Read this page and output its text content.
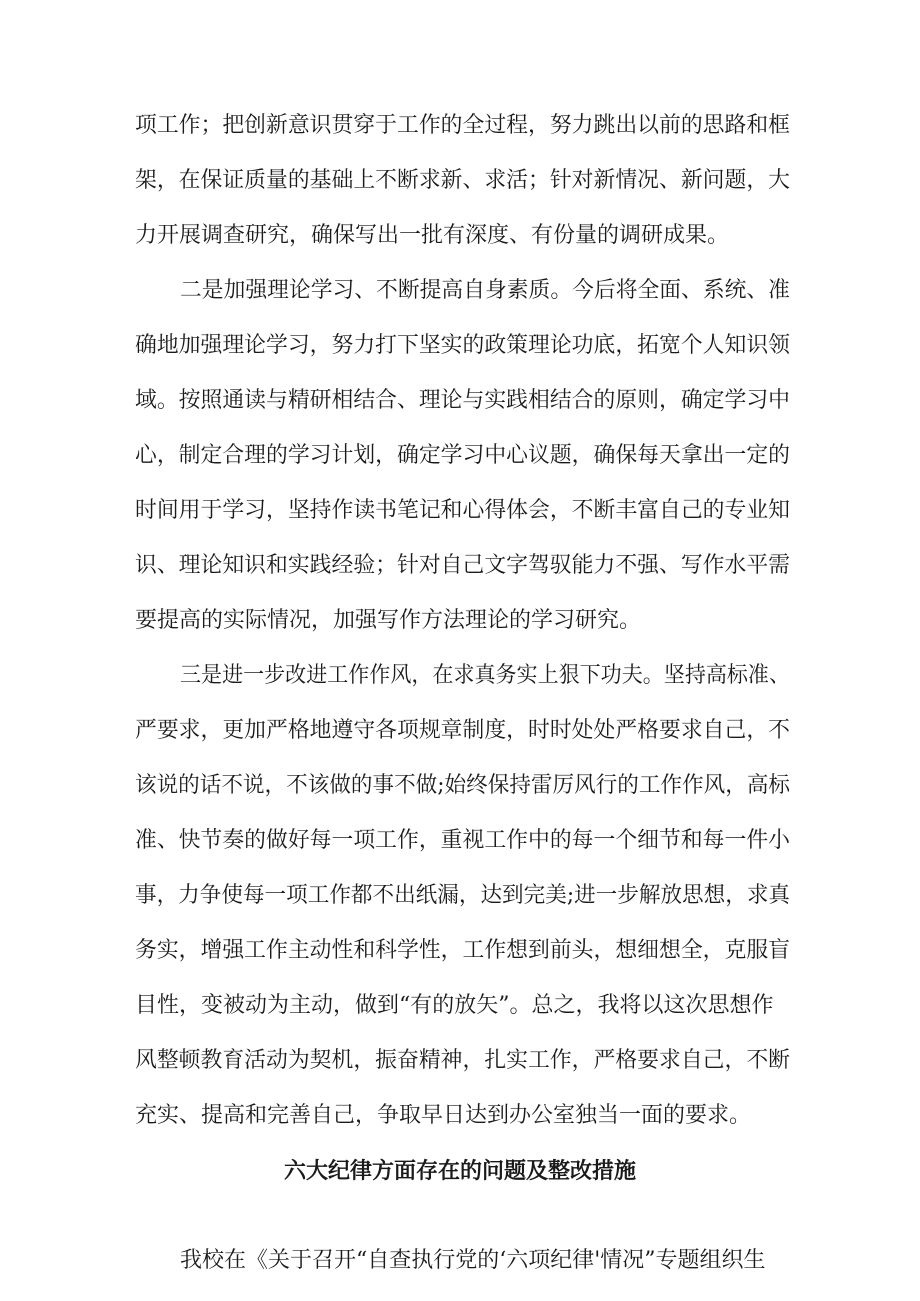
项工作；把创新意识贯穿于工作的全过程，努力跳出以前的思路和框
架，在保证质量的基础上不断求新、求活；针对新情况、新问题，大
力开展调查研究，确保写出一批有深度、有份量的调研成果。
二是加强理论学习、不断提高自身素质。今后将全面、系统、准
确地加强理论学习，努力打下坚实的政策理论功底，拓宽个人知识领
域。按照通读与精研相结合、理论与实践相结合的原则，确定学习中
心，制定合理的学习计划，确定学习中心议题，确保每天拿出一定的
时间用于学习，坚持作读书笔记和心得体会，不断丰富自己的专业知
识、理论知识和实践经验；针对自己文字驾驭能力不强、写作水平需
要提高的实际情况，加强写作方法理论的学习研究。
三是进一步改进工作作风，在求真务实上狠下功夫。坚持高标准、
严要求，更加严格地遵守各项规章制度，时时处处严格要求自己，不
该说的话不说，不该做的事不做;始终保持雷厉风行的工作作风，高标
准、快节奏的做好每一项工作，重视工作中的每一个细节和每一件小
事，力争使每一项工作都不出纸漏，达到完美;进一步解放思想，求真
务实，增强工作主动性和科学性，工作想到前头，想细想全，克服盲
目性，变被动为主动，做到“有的放矢”。总之，我将以这次思想作
风整顿教育活动为契机，振奋精神，扎实工作，严格要求自己，不断
充实、提高和完善自己，争取早日达到办公室独当一面的要求。
六大纪律方面存在的问题及整改措施
我校在《关于召开“自查执行党的‘六项纪律'情况”专题组织生
